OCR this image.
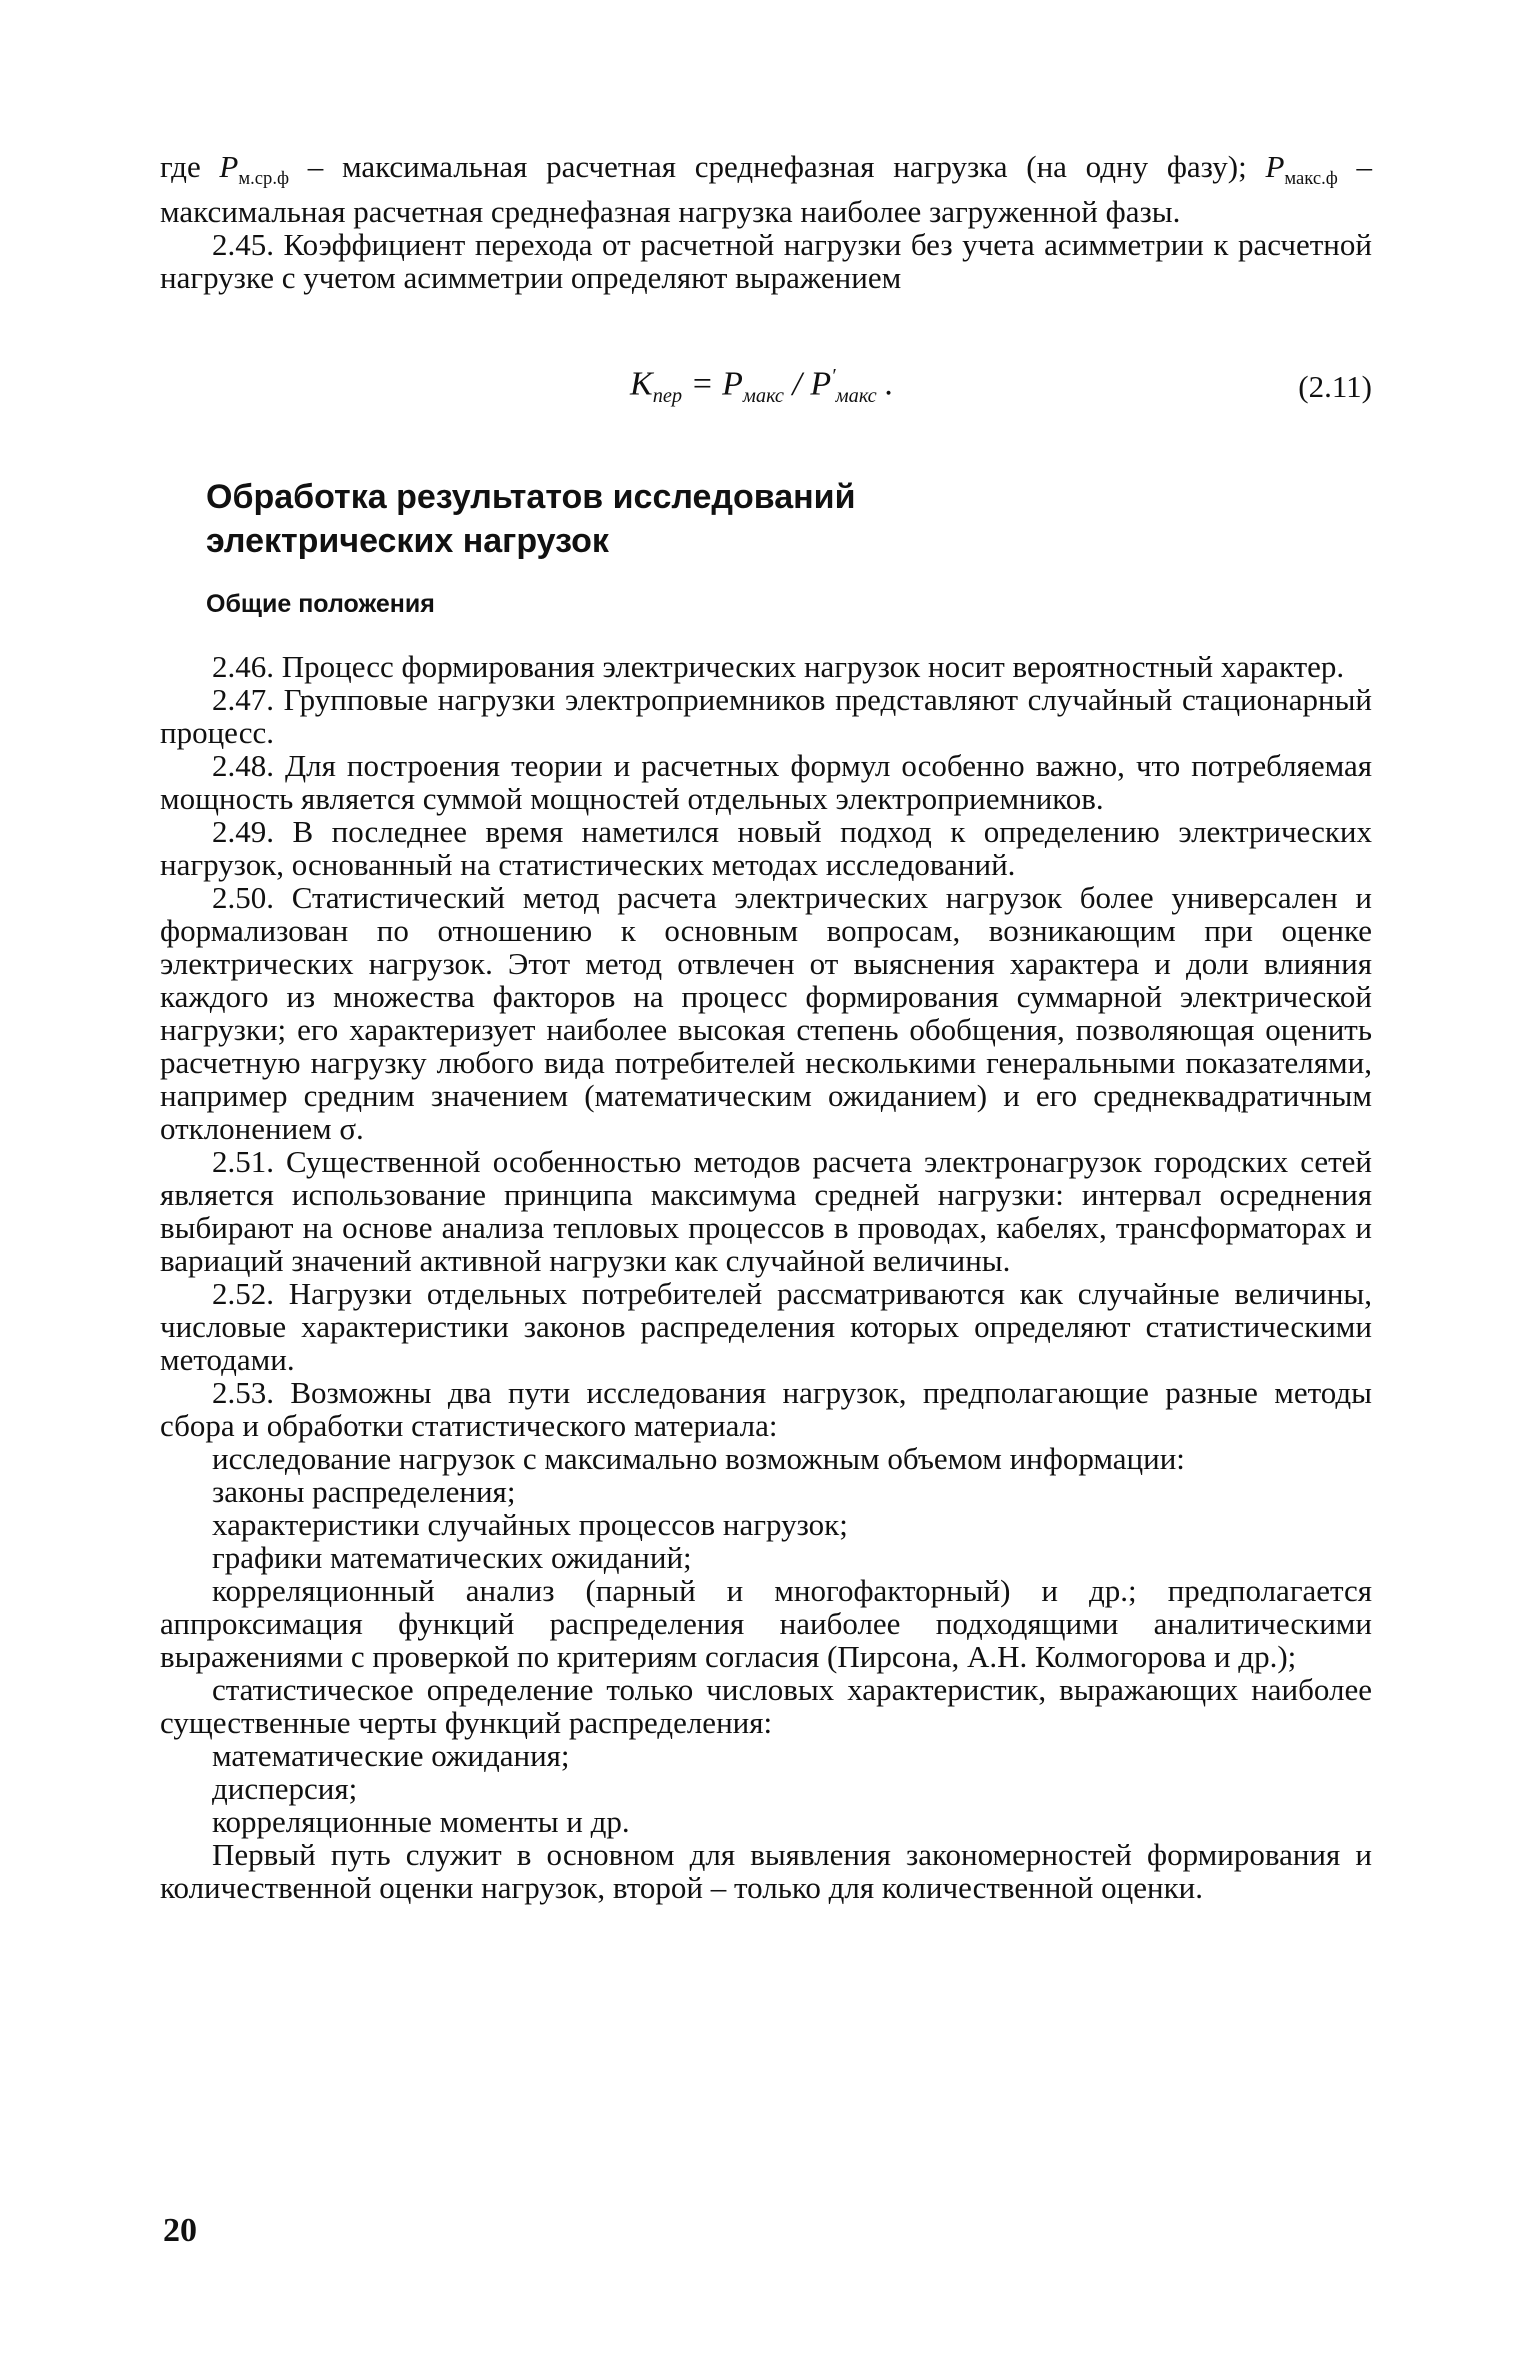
где $P_{м.ср.ф}$ – максимальная расчетная среднефазная нагрузка (на одну фазу); $P_{макс.ф}$ – максимальная расчетная среднефазная нагрузка наиболее загруженной фазы.

2.45. Коэффициент перехода от расчетной нагрузки без учета асимметрии к расчетной нагрузке с учетом асимметрии определяют выражением

$K_{пер} = P_{макс} / P'_{макс}$ .	(2.11)
Обработка результатов исследований
электрических нагрузок
Общие положения

2.46. Процесс формирования электрических нагрузок носит вероятностный характер.

2.47. Групповые нагрузки электроприемников представляют случайный стационарный процесс.

2.48. Для построения теории и расчетных формул особенно важно, что потребляемая мощность является суммой мощностей отдельных электроприемников.

2.49. В последнее время наметился новый подход к определению электрических нагрузок, основанный на статистических методах исследований.

2.50. Статистический метод расчета электрических нагрузок более универсален и формализован по отношению к основным вопросам, возникающим при оценке электрических нагрузок. Этот метод отвлечен от выяснения характера и доли влияния каждого из множества факторов на процесс формирования суммарной электрической нагрузки; его характеризует наиболее высокая степень обобщения, позволяющая оценить расчетную нагрузку любого вида потребителей несколькими генеральными показателями, например средним значением (математическим ожиданием) и его среднеквадратичным отклонением σ.

2.51. Существенной особенностью методов расчета электронагрузок городских сетей является использование принципа максимума средней нагрузки: интервал осреднения выбирают на основе анализа тепловых процессов в проводах, кабелях, трансформаторах и вариаций значений активной нагрузки как случайной величины.

2.52. Нагрузки отдельных потребителей рассматриваются как случайные величины, числовые характеристики законов распределения которых определяют статистическими методами.

2.53. Возможны два пути исследования нагрузок, предполагающие разные методы сбора и обработки статистического материала:

исследование нагрузок с максимально возможным объемом информации:

законы распределения;

характеристики случайных процессов нагрузок;

графики математических ожиданий;

корреляционный анализ (парный и многофакторный) и др.; предполагается аппроксимация функций распределения наиболее подходящими аналитическими выражениями с проверкой по критериям согласия (Пирсона, А.Н. Колмогорова и др.);

статистическое определение только числовых характеристик, выражающих наиболее существенные черты функций распределения:

математические ожидания;

дисперсия;

корреляционные моменты и др.

Первый путь служит в основном для выявления закономерностей формирования и количественной оценки нагрузок, второй – только для количественной оценки.

20
